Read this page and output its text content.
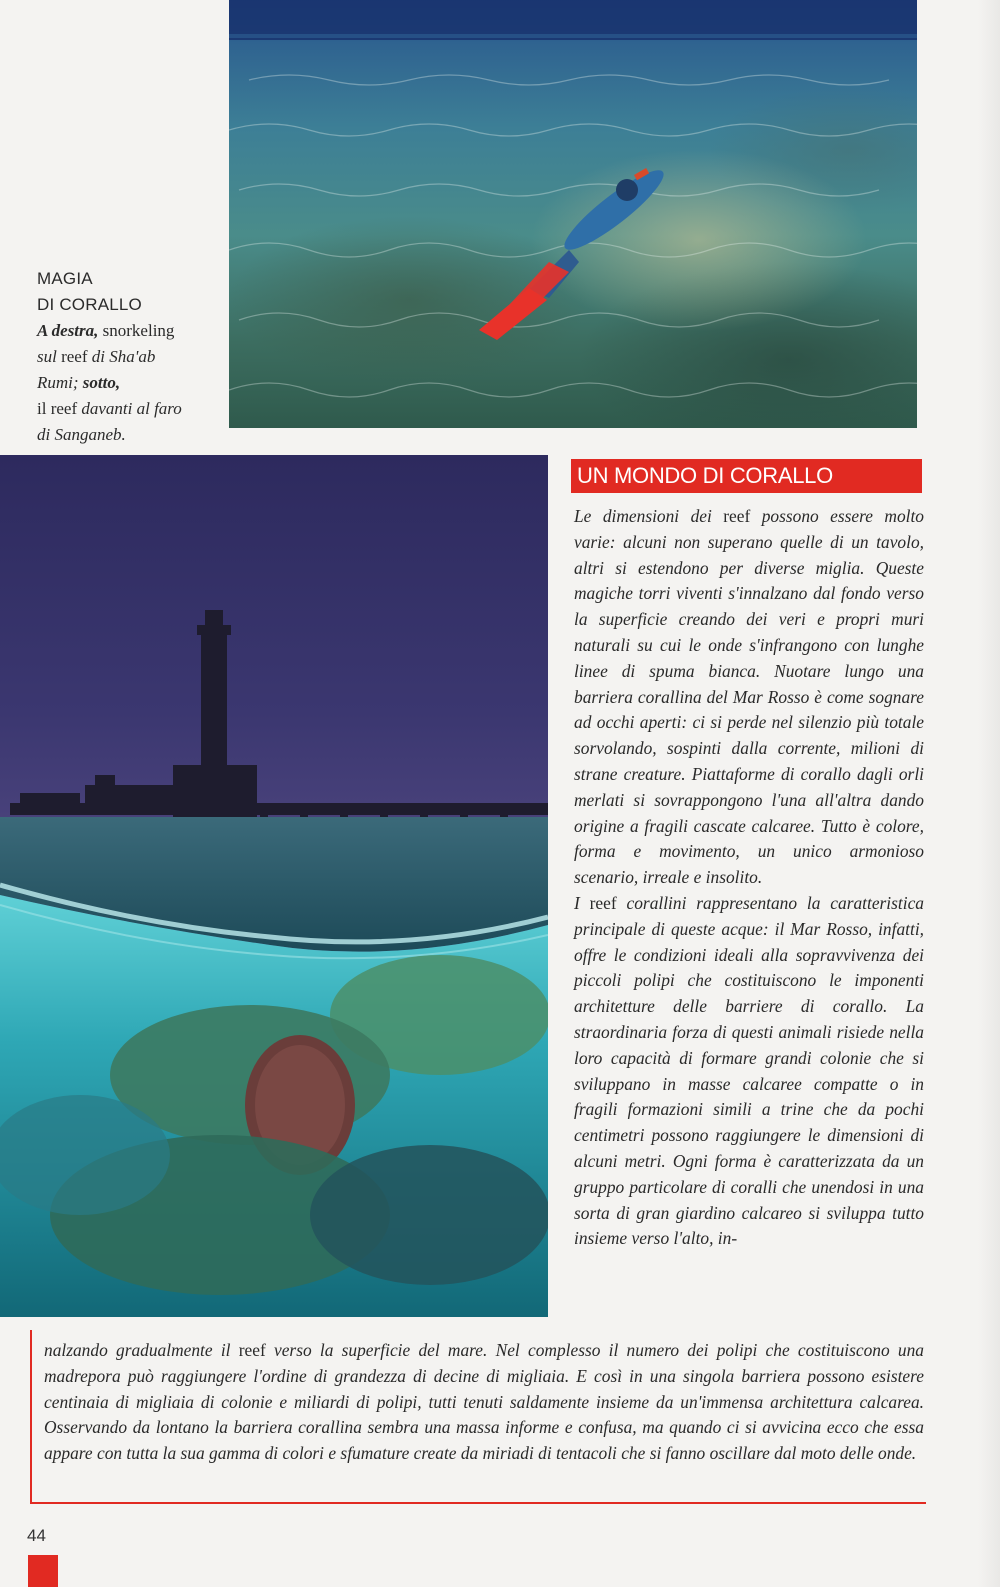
MAGIA
DI CORALLO
A destra, snorkeling
sul reef di Sha'ab
Rumi; sotto,
il reef davanti al faro
di Sanganeb.
UN MONDO DI CORALLO

Le dimensioni dei reef possono essere molto varie: alcuni non superano quelle di un tavolo, altri si estendono per diverse miglia. Queste magiche torri viventi s'innalzano dal fondo verso la superficie creando dei veri e propri muri naturali su cui le onde s'infrangono con lunghe linee di spuma bianca. Nuotare lungo una barriera corallina del Mar Rosso è come sognare ad occhi aperti: ci si perde nel silenzio più totale sorvolando, sospinti dalla corrente, milioni di strane creature. Piattaforme di corallo dagli orli merlati si sovrappongono l'una all'altra dando origine a fragili cascate calcaree. Tutto è colore, forma e movimento, un unico armonioso scenario, irreale e insolito.

I reef corallini rappresentano la caratteristica principale di queste acque: il Mar Rosso, infatti, offre le condizioni ideali alla sopravvivenza dei piccoli polipi che costituiscono le imponenti architetture delle barriere di corallo. La straordinaria forza di questi animali risiede nella loro capacità di formare grandi colonie che si sviluppano in masse calcaree compatte o in fragili formazioni simili a trine che da pochi centimetri possono raggiungere le dimensioni di alcuni metri. Ogni forma è caratterizzata da un gruppo particolare di coralli che unendosi in una sorta di gran giardino calcareo si sviluppa tutto insieme verso l'alto, in-

nalzando gradualmente il reef verso la superficie del mare. Nel complesso il numero dei polipi che costituiscono una madrepora può raggiungere l'ordine di grandezza di decine di migliaia. E così in una singola barriera possono esistere centinaia di migliaia di colonie e miliardi di polipi, tutti tenuti saldamente insieme da un'immensa architettura calcarea. Osservando da lontano la barriera corallina sembra una massa informe e confusa, ma quando ci si avvicina ecco che essa appare con tutta la sua gamma di colori e sfumature create da miriadi di tentacoli che si fanno oscillare dal moto delle onde.
44
